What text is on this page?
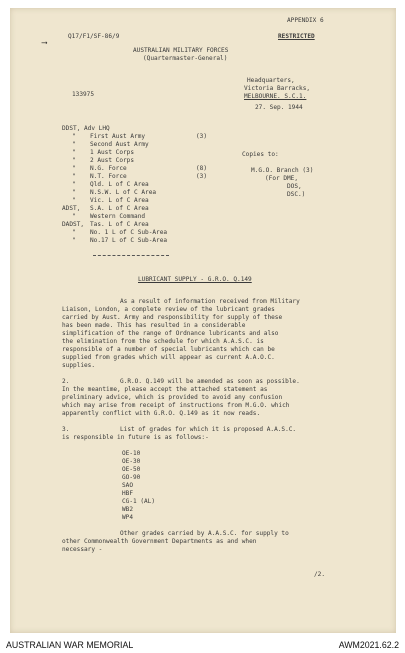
⟶
Q17/F1/SF-86/9
APPENDIX 6
RESTRICTED
AUSTRALIAN MILITARY FORCES
(Quartermaster-General)
133975
Headquarters,
Victoria Barracks,
MELBOURNE. S.C.1.
27. Sep. 1944
DDST, Adv LHQ
" First Aust Army	(3)
" Second Aust Army
" 1 Aust Corps
" 2 Aust Corps
" N.G. Force	(8)
" N.T. Force	(3)
" Qld. L of C Area
" N.S.W. L of C Area
" Vic. L of C Area
ADST, S.A. L of C Area
" Western Command
DADST, Tas. L of C Area
" No. 1 L of C Sub-Area
" No.17 L of C Sub-Area
Copies to:
M.G.O. Branch (3)
(For DME,
DOS,
DSC.)
LUBRICANT SUPPLY - G.R.O. Q.149
As a result of information received from Military
Liaison, London, a complete review of the lubricant grades
carried by Aust. Army and responsibility for supply of these
has been made. This has resulted in a considerable
simplification of the range of Ordnance lubricants and also
the elimination from the schedule for which A.A.S.C. is
responsible of a number of special lubricants which can be
supplied from grades which will appear as current A.A.O.C.
supplies.
2.	G.R.O. Q.149 will be amended as soon as possible.
In the meantime, please accept the attached statement as
preliminary advice, which is provided to avoid any confusion
which may arise from receipt of instructions from M.G.O. which
apparently conflict with G.R.O. Q.149 as it now reads.
3.	List of grades for which it is proposed A.A.S.C.
is responsible in future is as follows:-
OE-10
OE-30
OE-50
GO-90
SAO
HBF
CG-1 (AL)
WB2
WP4
Other grades carried by A.A.S.C. for supply to
other Commonwealth Government Departments as and when
necessary -
/2.
AUSTRALIAN WAR MEMORIAL	AWM2021.62.2
